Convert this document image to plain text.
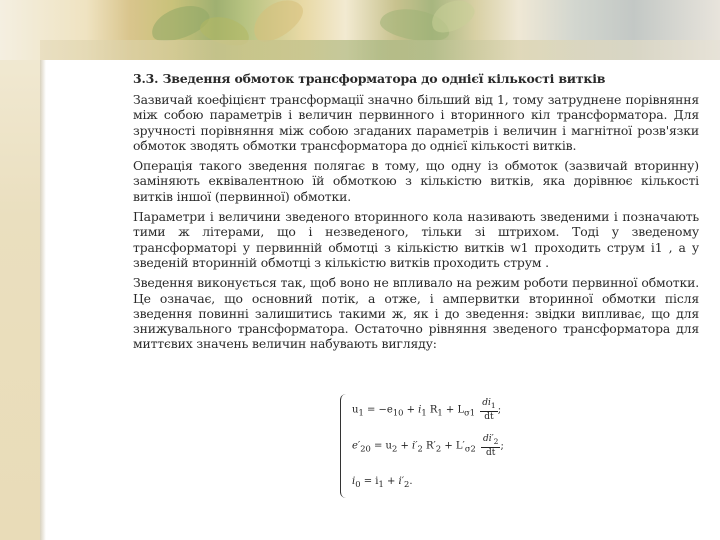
3.3. Зведення обмоток трансформатора до однієї кількості витків

Зазвичай коефіцієнт трансформації значно більший від 1, тому затруднене порівняння між собою параметрів і величин первинного і вторинного кіл трансформатора. Для зручності порівняння між собою згаданих параметрів і величин і магнітної розв'язки обмоток зводять обмотки трансформатора до однієї кількості витків.

Операція такого зведення полягає в тому, що одну із обмоток (зазвичай вторинну) заміняють еквівалентною їй обмоткою з кількістю витків, яка дорівнює кількості витків іншої (первинної) обмотки.

Параметри і величини зведеного вторинного кола називають зведеними і позначають тими ж літерами, що і незведеного, тільки зі штрихом. Тоді у зведеному трансформаторі у первинній обмотці з кількістю витків w1 проходить струм i1 , а у зведеній вторинній обмотці з кількістю витків проходить струм .

Зведення виконується так, щоб воно не впливало на режим роботи первинної обмотки. Це означає, що основний потік, а отже, і ампервитки вторинної обмотки після зведення повинні залишитись такими ж, як і до зведення: звідки випливає, що для знижувального трансформатора. Остаточно рівняння зведеного трансформатора для миттєвих значень величин набувають вигляду:

$u_1 = -e_{10} + i_1$ $R_1 + L_{\sigma 1} \frac{di_1}{dt}$ ;
$e'_{20} = u_2 + i'_2$ $R'_2 + L'_{\sigma 2} \frac{di'_2}{dt}$ ;
$i_0 = i_1 + i'_2$.
